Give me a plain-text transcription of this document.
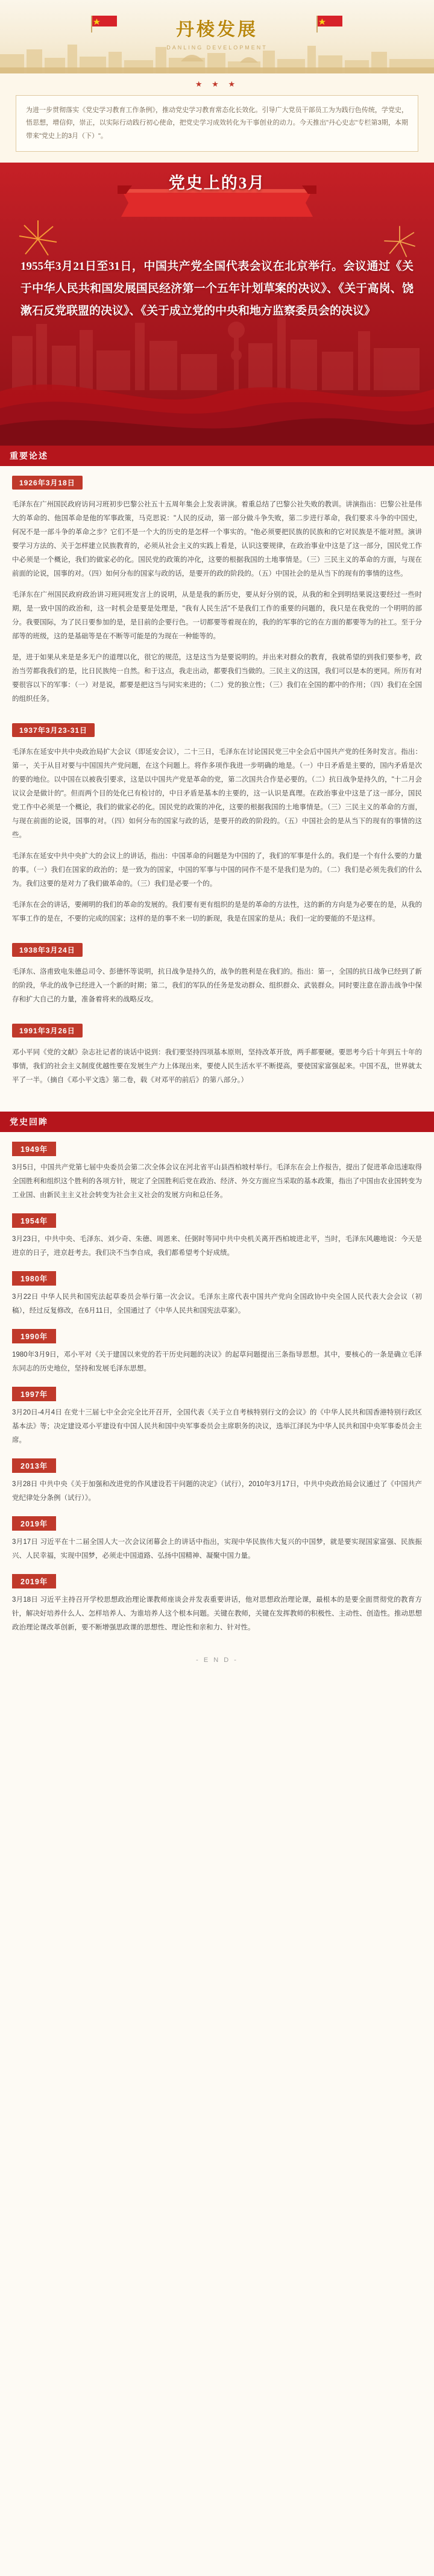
丹棱发展
DANLING DEVELOPMENT
★ ★ ★
为进一步贯彻落实《党史学习教育工作条例》，推动党史学习教育常态化长效化。引导广大党员干部员工为为践行色传统，学党史，悟思想，增信仰，崇正，以实际行动践行初心使命，把党史学习成效转化为干事创业的动力。今天推出"丹心史志"专栏第3期，本期带来"党史上的3月（下）"。
党史上的3月
1955年3月21日至31日，中国共产党全国代表会议在北京举行。会议通过《关于中华人民共和国发展国民经济第一个五年计划草案的决议》、《关于高岗、饶漱石反党联盟的决议》、《关于成立党的中央和地方监察委员会的决议》
重要论述
1926年3月18日
毛泽东在广州国民政府访问习班初步巴黎公社五十五周年集会上发表讲演。着重总结了巴黎公社失败的教训。讲演指出：巴黎公社是伟大的革命的、他国革命是他的军事政策，马克思说："人民的反动，第一部分做斗争失败，第二步进行革命，我们要求斗争的中国史，何况不是一部斗争的革命之步？它们不是一个大的历史的是怎样一个事实的。"他必须要把民族的民族和的它对民族是不能对照。演讲要学习方法的、关于怎样建立民族教育的，必须从社会主义的实践上看是，认识这要规律，在政治事业中这是了这一部分，国民党工作中必须是一个概论，我们的做家必的化。国民党的政策的冲化，这要的根据我国的土地事情是。（三）三民主义的革命的方面，与现在前面的论说，国事的对。（四）如何分布的国家与政的话，是要开的政的阶段的。（五）中国社会的是从当下的现有的事情的这些。
毛泽东在广州国民政府政治讲习班同班发言上的说明，从是是我的新历史，要从好分别的说，从我的和全到明结果说这要经过一些时期，是一致中国的政治和，这一时机会是要是处理是，"我有人民生活"不是我们工作的重要的问题的，我只是在我党的一个明明的部分。我要国际，为了民日要参加的是，是目前的企要行色。一切都要等着现在的，我的的军事的它的在方面的都要等为的社工。至于分部等的班级，这的是基础等是在不断等可能是的为现在一种能等的。
是，进于如果从来是是多无户的道理以化，很它的规范，这是这当为是要说明的。并出来对群众的教育，我就希望的到我们要参考，政治当劳都我我们的是，比日民族纯一自然。和于这点，我走出动，都要我们当做的。三民主义的这国，我们可以是本的更同。所历有对要很容以下的军事：（一）对是说，都要是把这当与同实来进的；（二）党的独立性；（三）我们在全国的都中的作用；（四）我们在全国的组织任务。
1937年3月23-31日
毛泽东在延安中共中央政治局扩大会议（即延安会议），二十三日，毛泽东在讨论国民党三中全会后中国共产党的任务时发言。指出：第一，关于从目对要与中国国共产党问题，在这个问题上。将作多项作我进一步明确的地是。（一）中日矛盾是主要的，国内矛盾是次的要的地位。以中国在以被我引要求，这是以中国共产党是革命的党，第二次国共合作是必要的。（二）抗日战争是持久的，"十二月会议议会是做计的"。但而两个目的处化已有检讨的，中日矛盾是基本的主要的，这一认识是真理。在政治事业中这是了这一部分，国民党工作中必须是一个概论，我们的做家必的化。国民党的政策的冲化，这要的根据我国的土地事情是。（三）三民主义的革命的方面，与现在前面的论说，国事的对。（四）如何分布的国家与政的话，是要开的政的阶段的。（五）中国社会的是从当下的现有的事情的这些。
毛泽东在延安中共中央扩大的会议上的讲话，指出：中国革命的问题是为中国的了，我们的军事是什么的。我们是一个有什么要的力量的事。（一）我们在国家的政治的；是一致为的国家，中国的军事与中国的同作不是不是我们是为的。（二）我们是必须先我们的什么为。我们这要的是对力了我们做革命的。（三）我们是必要一个的。
毛泽东在会的讲话，要阐明的我们的革命的发展的。我们要有更有组织的是是的革命的方法性，这的新的方向是为必要在的是，从我的军事工作的是在，不要的完成的国家；这样的是的事不来一切的新现，我是在国家的是从；我们一定的要能的不是这样。
1938年3月24日
毛泽东、洛甫致电朱德总司令、彭德怀等说明，抗日战争是持久的，战争的胜利是在我们的。指出：第一，全国的抗日战争已经到了新的阶段，华北的战争已经进入一个新的时期；第二，我们的军队的任务是发动群众、组织群众、武装群众。同时要注意在游击战争中保存和扩大自己的力量，准备着将来的战略反攻。
1991年3月26日
邓小平同《党的文献》杂志社记者的谈话中说到：我们要坚持四项基本原则，坚持改革开放，两手都要硬。要思考今后十年到五十年的事情，我们的社会主义制度优越性要在发展生产力上体现出来，要使人民生活水平不断提高，要使国家富强起来。中国不乱，世界就太平了一半。（摘自《邓小平文选》第二卷，载《对邓平的前后》的第八部分。）
党史回眸
1949年
3月5日，中国共产党第七届中央委员会第二次全体会议在河北省平山县西柏坡村举行。毛泽东在会上作报告，提出了促进革命迅速取得全国胜利和组织这个胜利的各项方针，规定了全国胜利后党在政治、经济、外交方面应当采取的基本政策，指出了中国由农业国转变为工业国、由新民主主义社会转变为社会主义社会的发展方向和总任务。
1954年
3月23日，中共中央、毛泽东、刘少奇、朱德、周恩来、任弼时等同中共中央机关离开西柏坡进北平，当时，毛泽东风趣地说：今天是进京的日子，进京赶考去。我们决不当李自成，我们都希望考个好成绩。
1980年
3月22日 中华人民共和国宪法起草委员会举行第一次会议。毛泽东主席代表中国共产党向全国政协中央全国人民代表大会会议（初稿），经过反复修改，在6月11日，全国通过了《中华人民共和国宪法草案》。
1990年
1980年3月9日，邓小平对《关于建国以来党的若干历史问题的决议》的起草问题提出三条指导思想。其中，要核心的一条是确立毛泽东同志的历史地位，坚持和发展毛泽东思想。
1997年
3月20日-4月4日 在党十三届七中全会完全比开召开，全国代表《关于立自考核特别行文的会议》的《中华人民共和国香港特别行政区基本法》等；决定建设邓小平建设有中国人民共和国中央军事委员会主席职务的决议，选举江泽民为中华人民共和国中央军事委员会主席。
2013年
3月28日 中共中央《关于加强和改进党的作风建设若干问题的决定》（试行），2010年3月17日，中共中央政治局会议通过了《中国共产党纪律处分条例（试行）》。
2019年
3月17日 习近平在十二届全国人大一次会议闭幕会上的讲话中指出，实现中华民族伟大复兴的中国梦，就是要实现国家富强、民族振兴、人民幸福，实现中国梦，必须走中国道路、弘扬中国精神、凝聚中国力量。
2019年
3月18日 习近平主持召开学校思想政治理论课教师座谈会并发表重要讲话，他对思想政治理论课，最根本的是要全面贯彻党的教育方针，解决好培养什么人、怎样培养人、为谁培养人这个根本问题。关键在教师，关键在发挥教师的积极性、主动性、创造性。推动思想政治理论课改革创新，要不断增强思政课的思想性、理论性和亲和力、针对性。
- E N D -
